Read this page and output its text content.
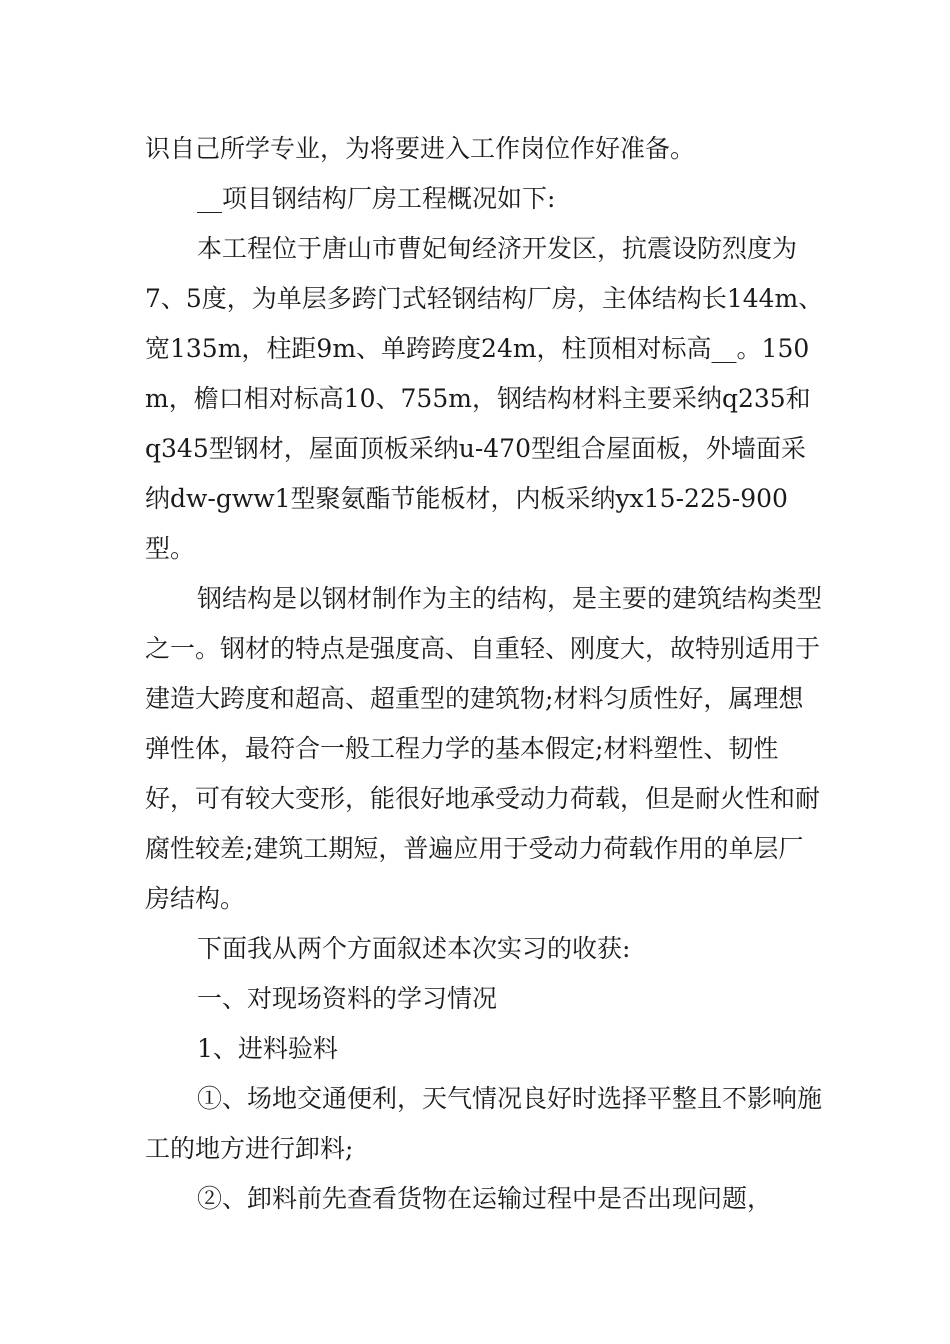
识自己所学专业，为将要进入工作岗位作好准备。

__项目钢结构厂房工程概况如下:

本工程位于唐山市曹妃甸经济开发区，抗震设防烈度为7、5度，为单层多跨门式轻钢结构厂房，主体结构长144m、宽135m，柱距9m、单跨跨度24m，柱顶相对标高__。150m，檐口相对标高10、755m，钢结构材料主要采纳q235和q345型钢材，屋面顶板采纳u-470型组合屋面板，外墙面采纳dw-gww1型聚氨酯节能板材，内板采纳yx15-225-900型。

钢结构是以钢材制作为主的结构，是主要的建筑结构类型之一。钢材的特点是强度高、自重轻、刚度大，故特别适用于建造大跨度和超高、超重型的建筑物;材料匀质性好，属理想弹性体，最符合一般工程力学的基本假定;材料塑性、韧性好，可有较大变形，能很好地承受动力荷载，但是耐火性和耐腐性较差;建筑工期短，普遍应用于受动力荷载作用的单层厂房结构。

下面我从两个方面叙述本次实习的收获:

一、对现场资料的学习情况

1、进料验料

①、场地交通便利，天气情况良好时选择平整且不影响施工的地方进行卸料;

②、卸料前先查看货物在运输过程中是否出现问题，
